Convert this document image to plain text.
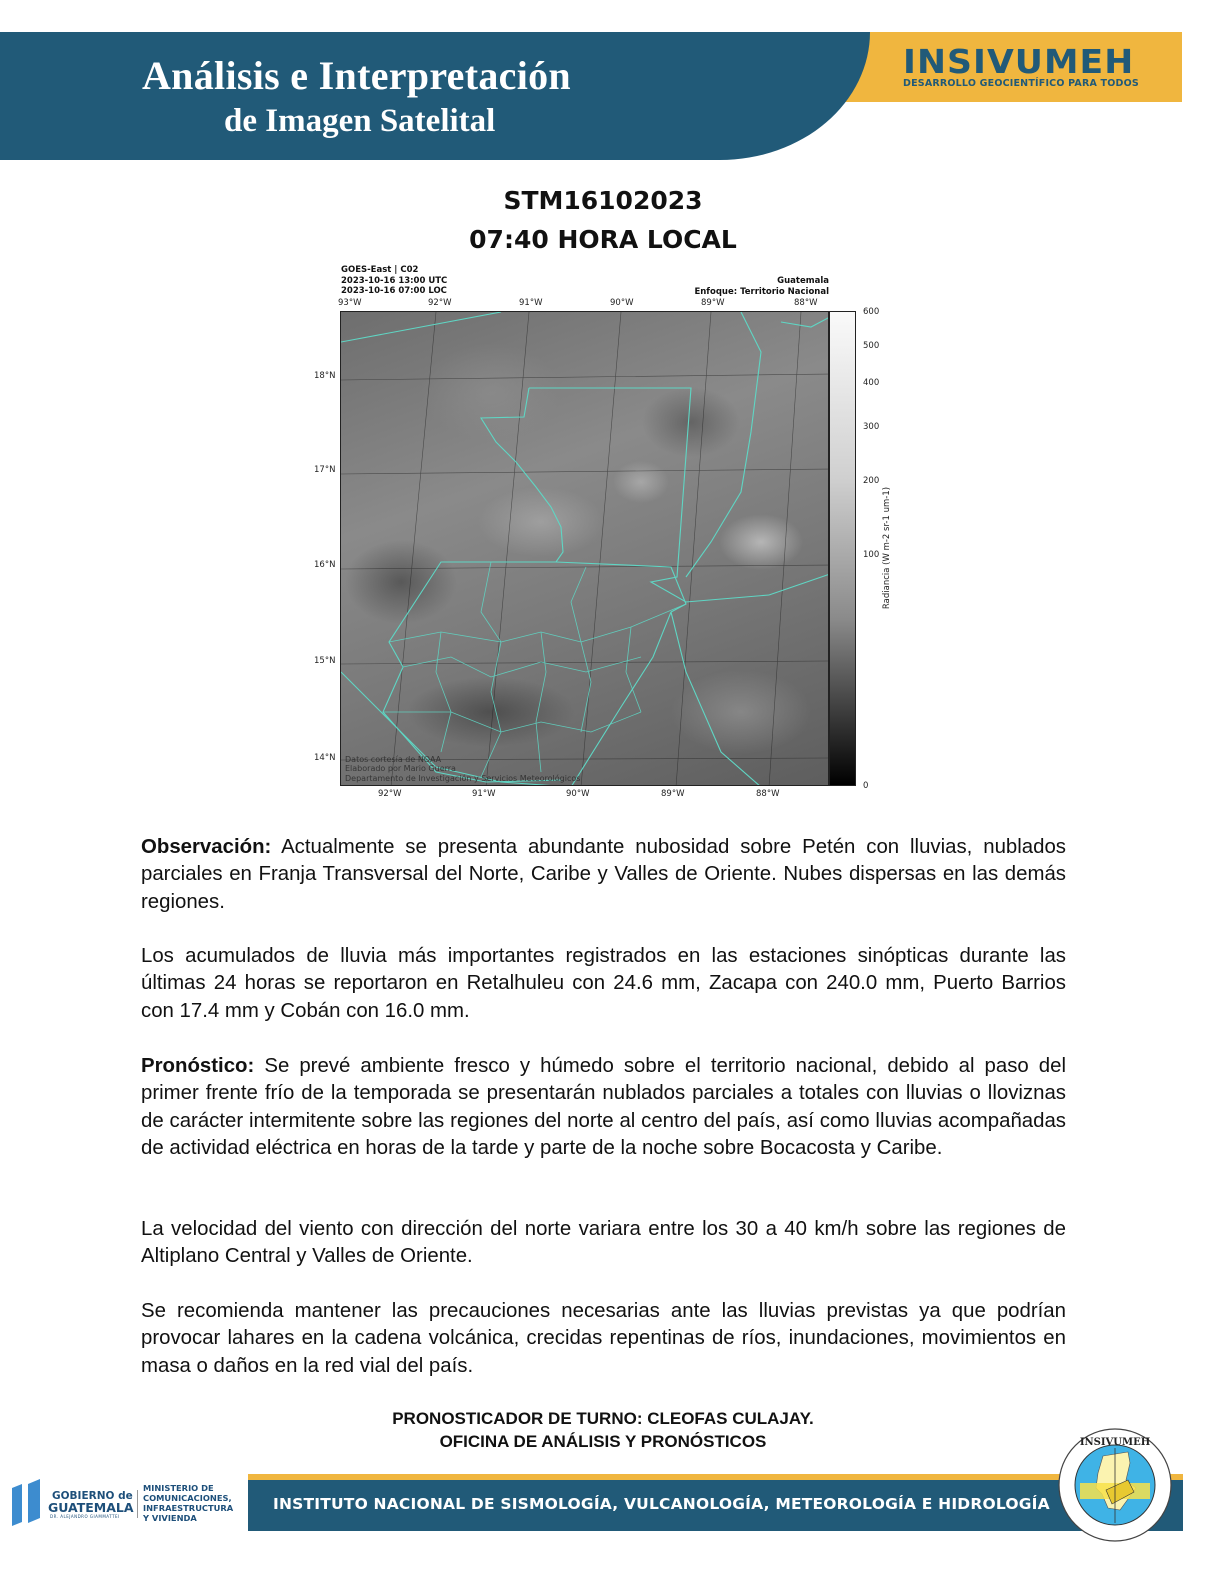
Análisis e Interpretación
de Imagen Satelital
INSIVUMEH
DESARROLLO GEOCIENTÍFICO PARA TODOS
STM16102023
07:40 HORA LOCAL
GOES-East | C02
2023-10-16 13:00 UTC
2023-10-16 07:00 LOC
Guatemala
Enfoque: Territorio Nacional
93°W	92°W	91°W	90°W	89°W	88°W
18°N
17°N
16°N
15°N
14°N Datos cortesía de NOAA
Elaborado por Mario Guerra
Departamento de Investigación y Servicios Meteorológicos
92°W	91°W	90°W	89°W	88°W
600
500
400
300
200
100
0
Radiancia (W m-2 sr-1 um-1)
Observación: Actualmente se presenta abundante nubosidad sobre Petén con lluvias, nublados parciales en Franja Transversal del Norte, Caribe y Valles de Oriente. Nubes dispersas en las demás regiones.
Los acumulados de lluvia más importantes registrados en las estaciones sinópticas durante las últimas 24 horas se reportaron en Retalhuleu con 24.6 mm, Zacapa con 240.0 mm, Puerto Barrios con 17.4 mm y Cobán con 16.0 mm.
Pronóstico: Se prevé ambiente fresco y húmedo sobre el territorio nacional, debido al paso del primer frente frío de la temporada se presentarán nublados parciales a totales con lluvias o lloviznas de carácter intermitente sobre las regiones del norte al centro del país, así como lluvias acompañadas de actividad eléctrica en horas de la tarde y parte de la noche sobre Bocacosta y Caribe.
La velocidad del viento con dirección del norte variara entre los 30 a 40 km/h sobre las regiones de Altiplano Central y Valles de Oriente.
Se recomienda mantener las precauciones necesarias ante las lluvias previstas ya que podrían provocar lahares en la cadena volcánica, crecidas repentinas de ríos, inundaciones, movimientos en masa o daños en la red vial del país.
PRONOSTICADOR DE TURNO: CLEOFAS CULAJAY.
OFICINA DE ANÁLISIS Y PRONÓSTICOS
GOBIERNO de
GUATEMALA
DR. ALEJANDRO GIAMMATTEI
MINISTERIO DE
COMUNICACIONES,
INFRAESTRUCTURA
Y VIVIENDA
INSTITUTO NACIONAL DE SISMOLOGÍA, VULCANOLOGÍA, METEOROLOGÍA E HIDROLOGÍA
INSIVUMEH
